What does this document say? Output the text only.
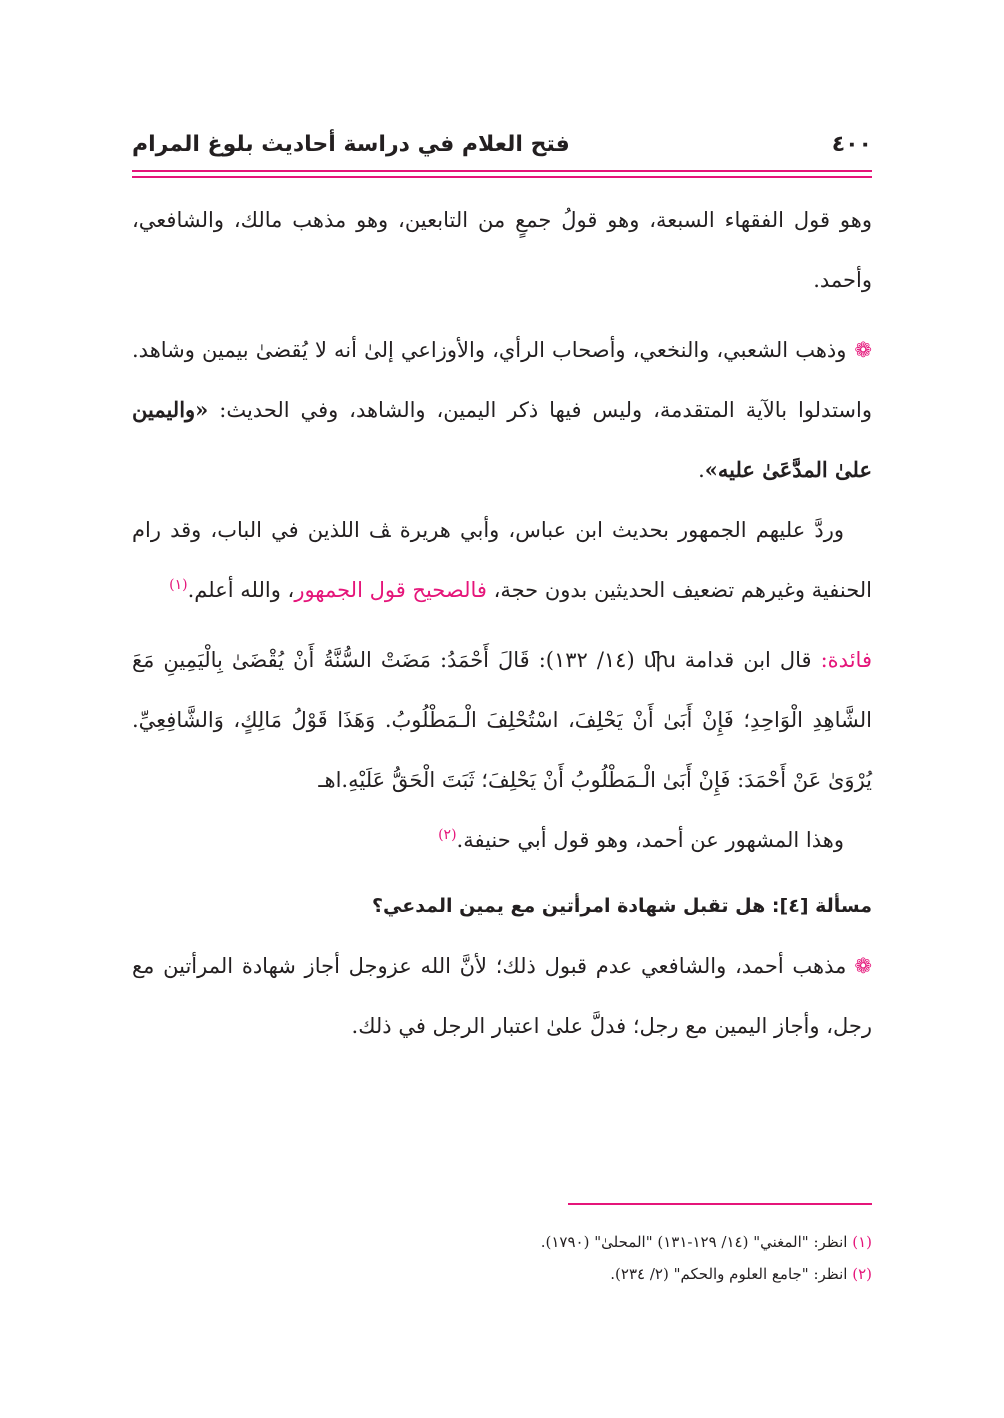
٤٠٠
فتح العلام في دراسة أحاديث بلوغ المرام

وهو قول الفقهاء السبعة، وهو قولُ جمعٍ من التابعين، وهو مذهب مالك، والشافعي، وأحمد.

❁وذهب الشعبي، والنخعي، وأصحاب الرأي، والأوزاعي إلىٰ أنه لا يُقضىٰ بيمين وشاهد. واستدلوا بالآية المتقدمة، وليس فيها ذكر اليمين، والشاهد، وفي الحديث: «واليمين علىٰ المدَّعَىٰ عليه».

وردَّ عليهم الجمهور بحديث ابن عباس، وأبي هريرة ﭫ اللذين في الباب، وقد رام الحنفية وغيرهم تضعيف الحديثين بدون حجة، فالصحيح قول الجمهور، والله أعلم.$^{(١)}$

فائدة: قال ابن قدامة ﬗ (١٤/ ١٣٢): قَالَ أَحْمَدُ: مَضَتْ السُّنَّةُ أَنْ يُقْضَىٰ بِالْيَمِينِ مَعَ الشَّاهِدِ الْوَاحِدِ؛ فَإِنْ أَبَىٰ أَنْ يَحْلِفَ، اسْتُحْلِفَ الْـمَطْلُوبُ. وَهَذَا قَوْلُ مَالِكٍ، وَالشَّافِعِيِّ. يُرْوَىٰ عَنْ أَحْمَدَ: فَإِنْ أَبَىٰ الْـمَطْلُوبُ أَنْ يَحْلِفَ؛ ثَبَتَ الْحَقُّ عَلَيْهِ.اهـ

وهذا المشهور عن أحمد، وهو قول أبي حنيفة.$^{(٢)}$

مسألة [٤]: هل تقبل شهادة امرأتين مع يمين المدعي؟

❁مذهب أحمد، والشافعي عدم قبول ذلك؛ لأنَّ الله عزوجل أجاز شهادة المرأتين مع رجل، وأجاز اليمين مع رجل؛ فدلَّ علىٰ اعتبار الرجل في ذلك.

(١) انظر: "المغني" (١٤/ ١٢٩-١٣١) "المحلىٰ" (١٧٩٠).

(٢) انظر: "جامع العلوم والحكم" (٢/ ٢٣٤).
